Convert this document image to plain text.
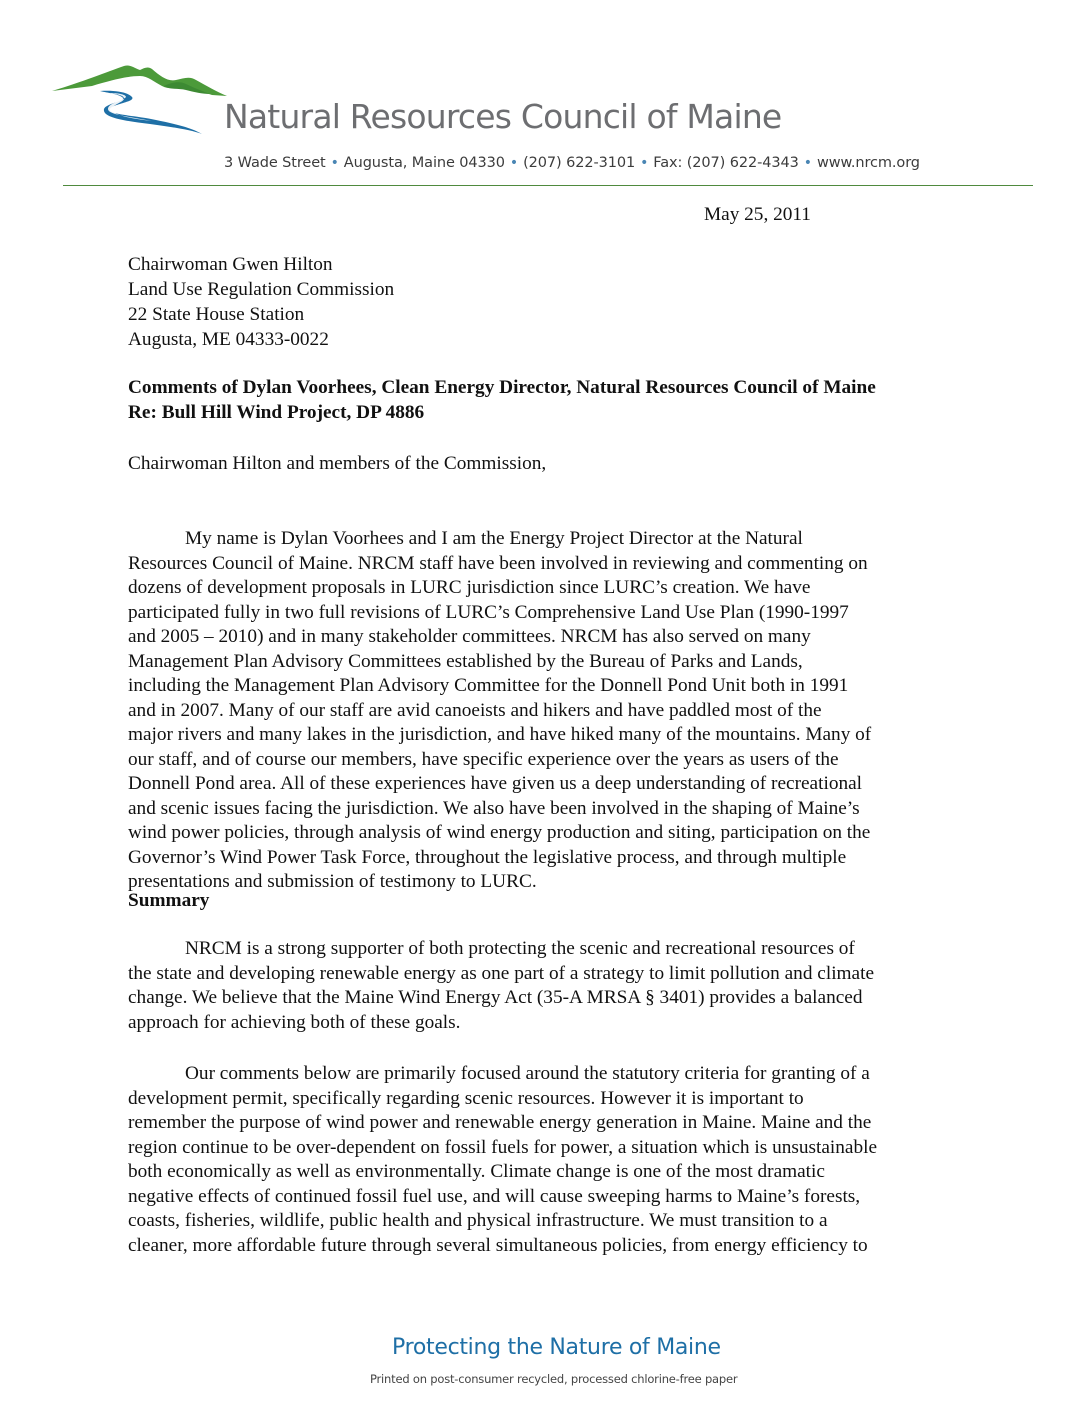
Natural Resources Council of Maine
3 Wade Street • Augusta, Maine 04330 • (207) 622-3101 • Fax: (207) 622-4343 • www.nrcm.org
May 25, 2011
Chairwoman Gwen Hilton
Land Use Regulation Commission
22 State House Station
Augusta, ME 04333-0022
Comments of Dylan Voorhees, Clean Energy Director, Natural Resources Council of Maine
Re: Bull Hill Wind Project, DP 4886
Chairwoman Hilton and members of the Commission,
My name is Dylan Voorhees and I am the Energy Project Director at the Natural
Resources Council of Maine. NRCM staff have been involved in reviewing and commenting on
dozens of development proposals in LURC jurisdiction since LURC’s creation. We have
participated fully in two full revisions of LURC’s Comprehensive Land Use Plan (1990-1997
and 2005 – 2010) and in many stakeholder committees. NRCM has also served on many
Management Plan Advisory Committees established by the Bureau of Parks and Lands,
including the Management Plan Advisory Committee for the Donnell Pond Unit both in 1991
and in 2007. Many of our staff are avid canoeists and hikers and have paddled most of the
major rivers and many lakes in the jurisdiction, and have hiked many of the mountains. Many of
our staff, and of course our members, have specific experience over the years as users of the
Donnell Pond area. All of these experiences have given us a deep understanding of recreational
and scenic issues facing the jurisdiction. We also have been involved in the shaping of Maine’s
wind power policies, through analysis of wind energy production and siting, participation on the
Governor’s Wind Power Task Force, throughout the legislative process, and through multiple
presentations and submission of testimony to LURC.
Summary
NRCM is a strong supporter of both protecting the scenic and recreational resources of
the state and developing renewable energy as one part of a strategy to limit pollution and climate
change. We believe that the Maine Wind Energy Act (35-A MRSA § 3401) provides a balanced
approach for achieving both of these goals.
Our comments below are primarily focused around the statutory criteria for granting of a
development permit, specifically regarding scenic resources. However it is important to
remember the purpose of wind power and renewable energy generation in Maine. Maine and the
region continue to be over-dependent on fossil fuels for power, a situation which is unsustainable
both economically as well as environmentally. Climate change is one of the most dramatic
negative effects of continued fossil fuel use, and will cause sweeping harms to Maine’s forests,
coasts, fisheries, wildlife, public health and physical infrastructure. We must transition to a
cleaner, more affordable future through several simultaneous policies, from energy efficiency to
Protecting the Nature of Maine
Printed on post-consumer recycled, processed chlorine-free paper
